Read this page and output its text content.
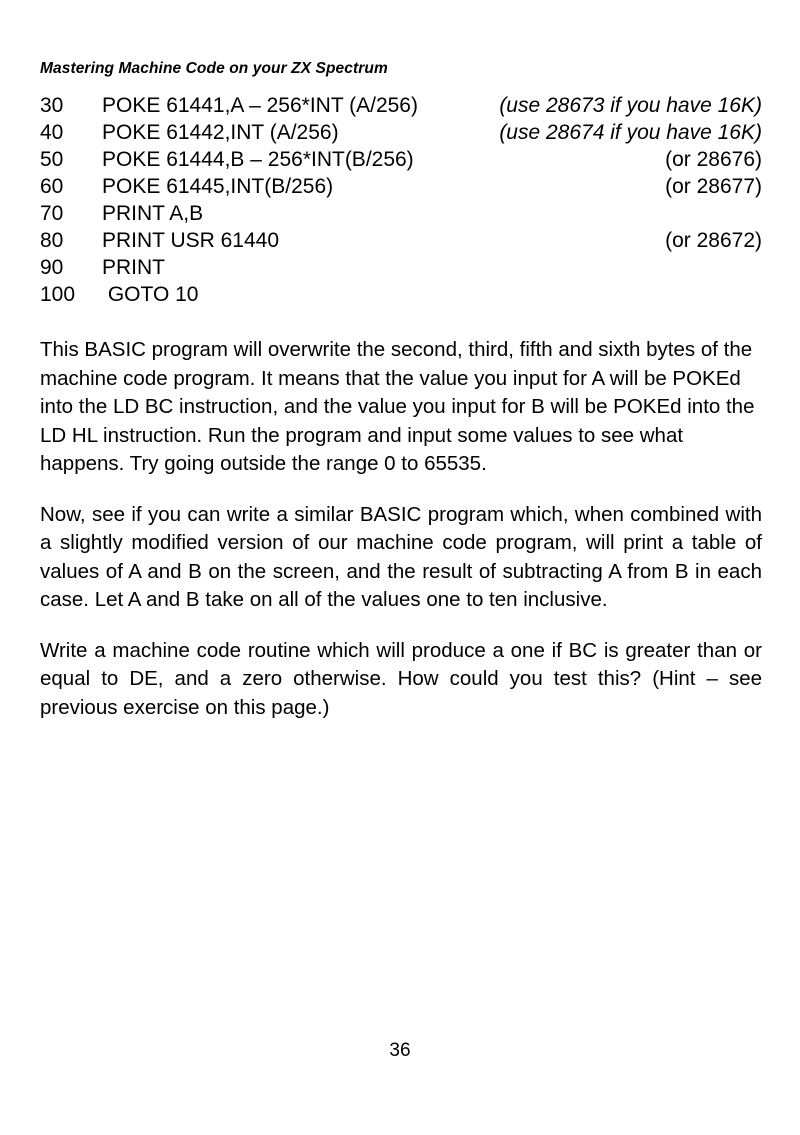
Mastering Machine Code on your ZX Spectrum
30	POKE 61441,A – 256*INT (A/256)	(use 28673 if you have 16K)
40	POKE 61442,INT (A/256)	(use 28674 if you have 16K)
50	POKE 61444,B – 256*INT(B/256)	(or 28676)
60	POKE 61445,INT(B/256)	(or 28677)
70	PRINT A,B
80	PRINT USR 61440	(or 28672)
90	PRINT
100	GOTO 10

This BASIC program will overwrite the second, third, fifth and sixth bytes of the machine code program. It means that the value you input for A will be POKEd into the LD BC instruction, and the value you input for B will be POKEd into the LD HL instruction. Run the program and input some values to see what happens. Try going outside the range 0 to 65535.

Now, see if you can write a similar BASIC program which, when combined with a slightly modified version of our machine code program, will print a table of values of A and B on the screen, and the result of subtracting A from B in each case. Let A and B take on all of the values one to ten inclusive.

Write a machine code routine which will produce a one if BC is greater than or equal to DE, and a zero otherwise. How could you test this? (Hint – see previous exercise on this page.)

36
